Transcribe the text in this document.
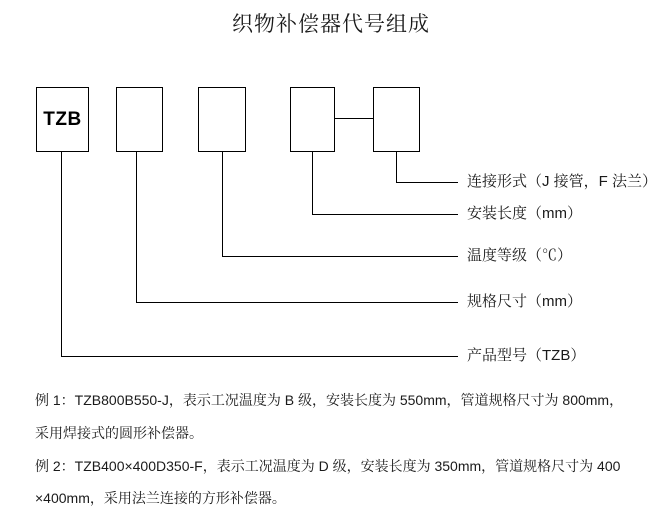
织物补偿器代号组成
TZB
连接形式（J 接管，F 法兰）
安装长度（mm）
温度等级（℃）
规格尺寸（mm）
产品型号（TZB）
例 1：TZB800B550-J，表示工况温度为 B 级，安装长度为 550mm，管道规格尺寸为 800mm，
采用焊接式的圆形补偿器。
例 2：TZB400×400D350-F，表示工况温度为 D 级，安装长度为 350mm，管道规格尺寸为 400
×400mm，采用法兰连接的方形补偿器。
